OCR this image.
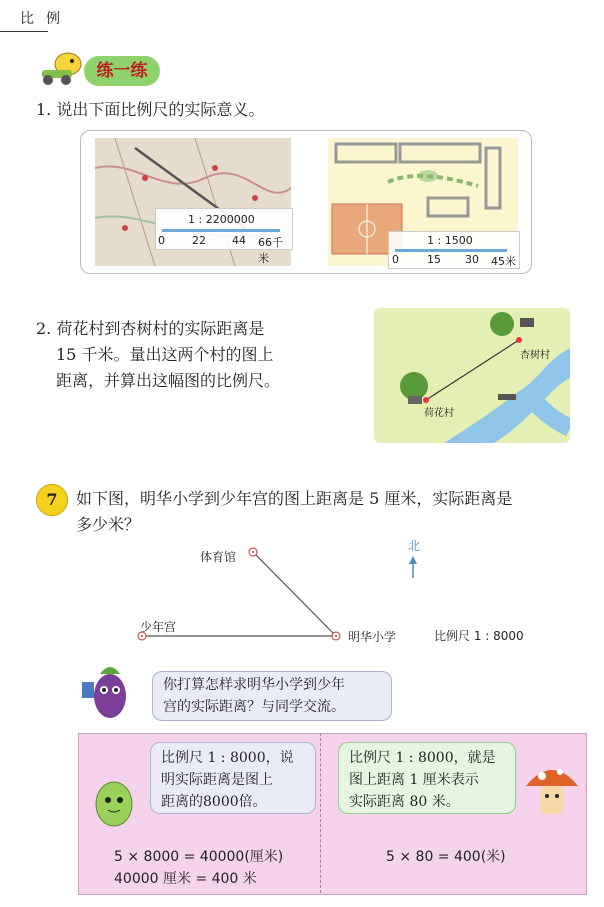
比例
练一练
1. 说出下面比例尺的实际意义。
1 : 2200000
0 22 44 66千米
1 : 1500
0	15 30 45米
2. 荷花村到杏树村的实际距离是
15 千米。量出这两个村的图上
距离，并算出这幅图的比例尺。
杏树村
荷花村
7	如下图，明华小学到少年宫的图上距离是 5 厘米，实际距离是
多少米？
体育馆
少年宫
明华小学
北
比例尺 1 : 8000
你打算怎样求明华小学到少年
宫的实际距离？与同学交流。
比例尺 1 : 8000，说
明实际距离是图上
距离的8000倍。
5 × 8000 = 40000(厘米)
40000 厘米 = 400 米
比例尺 1 : 8000，就是
图上距离 1 厘米表示
实际距离 80 米。
5 × 80 = 400(米)
